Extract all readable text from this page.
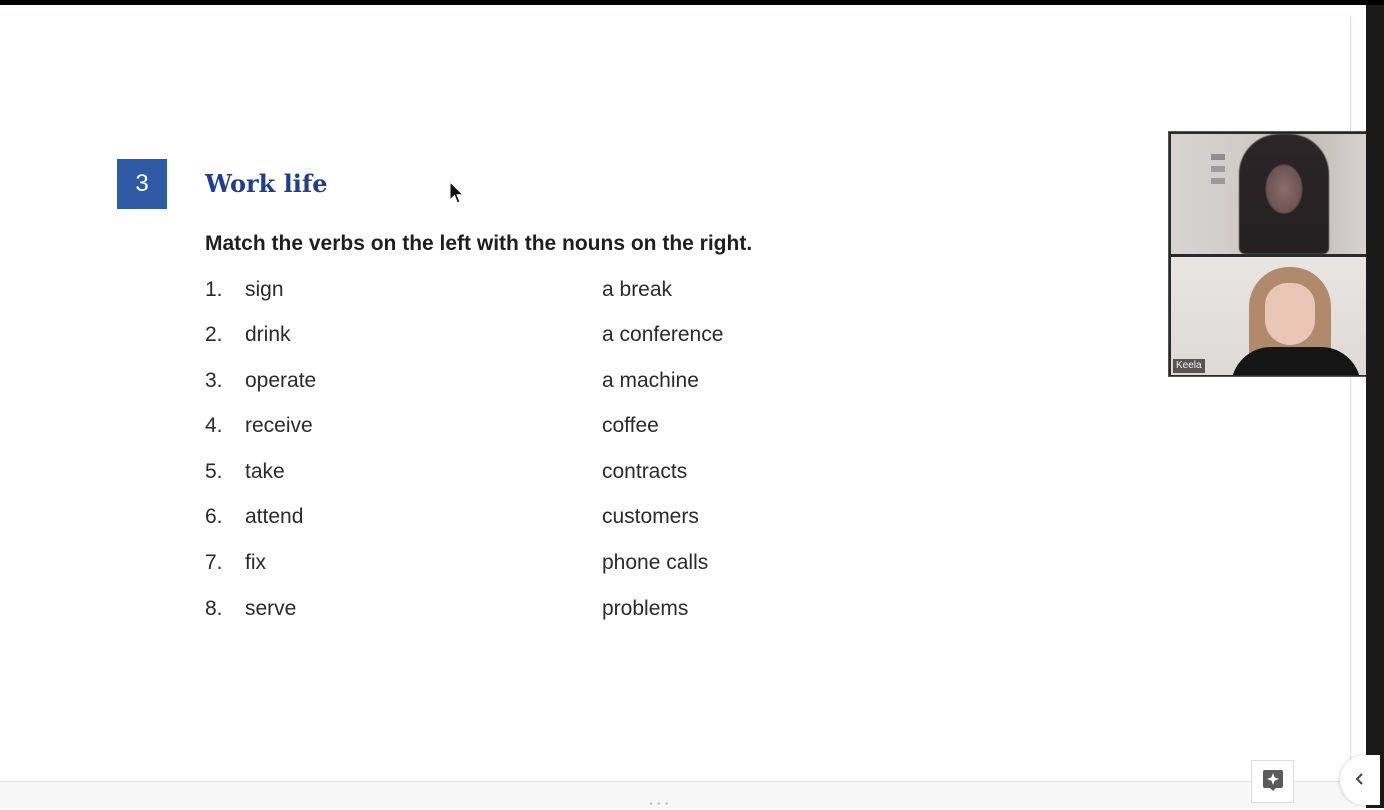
3 Work life
Match the verbs on the left with the nouns on the right.
1. sign	a break
2. drink	a conference
3. operate	a machine
4. receive	coffee
5. take	contracts
6. attend	customers
7. fix	phone calls
8. serve	problems
Keela
•••
